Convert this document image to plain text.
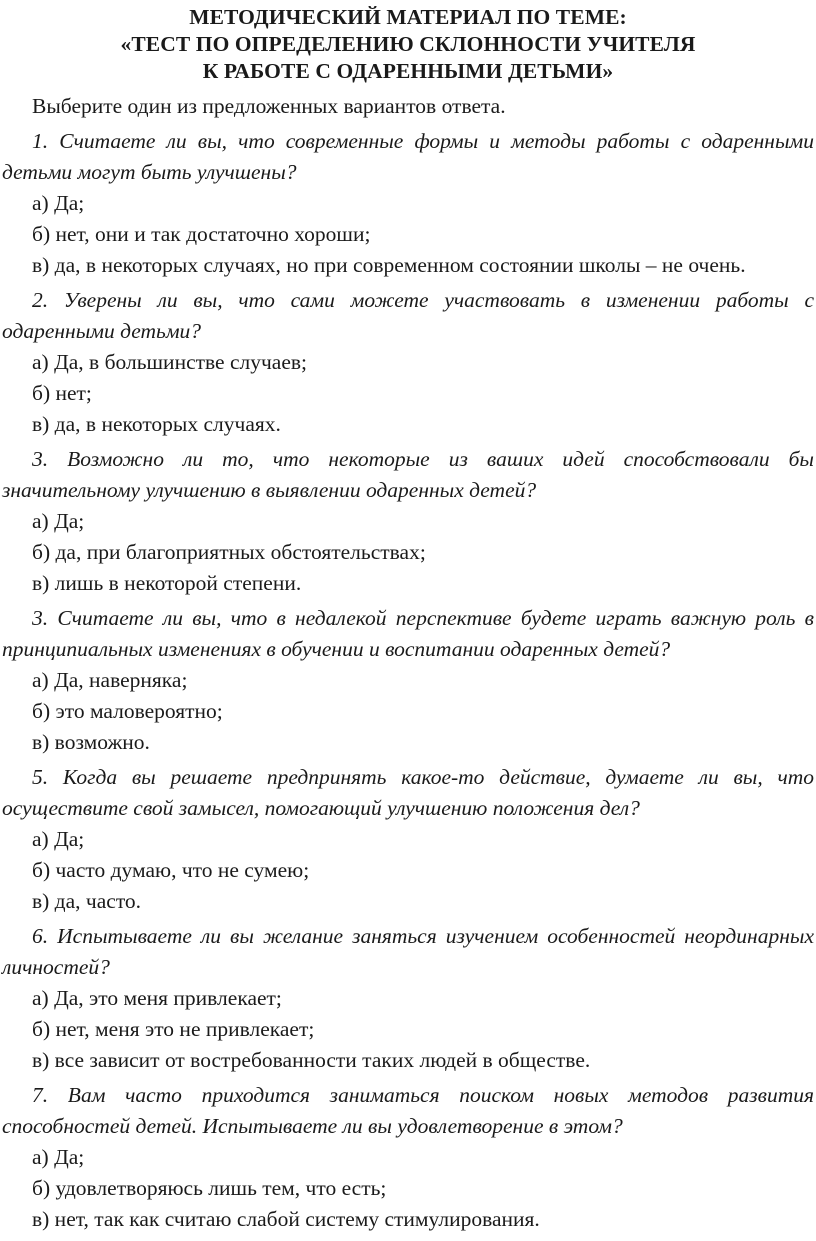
МЕТОДИЧЕСКИЙ МАТЕРИАЛ ПО ТЕМЕ:
«ТЕСТ ПО ОПРЕДЕЛЕНИЮ СКЛОННОСТИ УЧИТЕЛЯ
К РАБОТЕ С ОДАРЕННЫМИ ДЕТЬМИ»

Выберите один из предложенных вариантов ответа.

1. Считаете ли вы, что современные формы и методы работы с одаренными детьми могут быть улучшены?

а) Да;

б) нет, они и так достаточно хороши;

в) да, в некоторых случаях, но при современном состоянии школы – не очень.

2. Уверены ли вы, что сами можете участвовать в изменении работы с одаренными детьми?

а) Да, в большинстве случаев;

б) нет;

в) да, в некоторых случаях.

3. Возможно ли то, что некоторые из ваших идей способствовали бы значительному улучшению в выявлении одаренных детей?

а) Да;

б) да, при благоприятных обстоятельствах;

в) лишь в некоторой степени.

3. Считаете ли вы, что в недалекой перспективе будете играть важную роль в принципиальных изменениях в обучении и воспитании одаренных детей?

а) Да, наверняка;

б) это маловероятно;

в) возможно.

5. Когда вы решаете предпринять какое-то действие, думаете ли вы, что осуществите свой замысел, помогающий улучшению положения дел?

а) Да;

б) часто думаю, что не сумею;

в) да, часто.

6. Испытываете ли вы желание заняться изучением особенностей неординарных личностей?

а) Да, это меня привлекает;

б) нет, меня это не привлекает;

в) все зависит от востребованности таких людей в обществе.

7. Вам часто приходится заниматься поиском новых методов развития способностей детей. Испытываете ли вы удовлетворение в этом?

а) Да;

б) удовлетворяюсь лишь тем, что есть;

в) нет, так как считаю слабой систему стимулирования.
